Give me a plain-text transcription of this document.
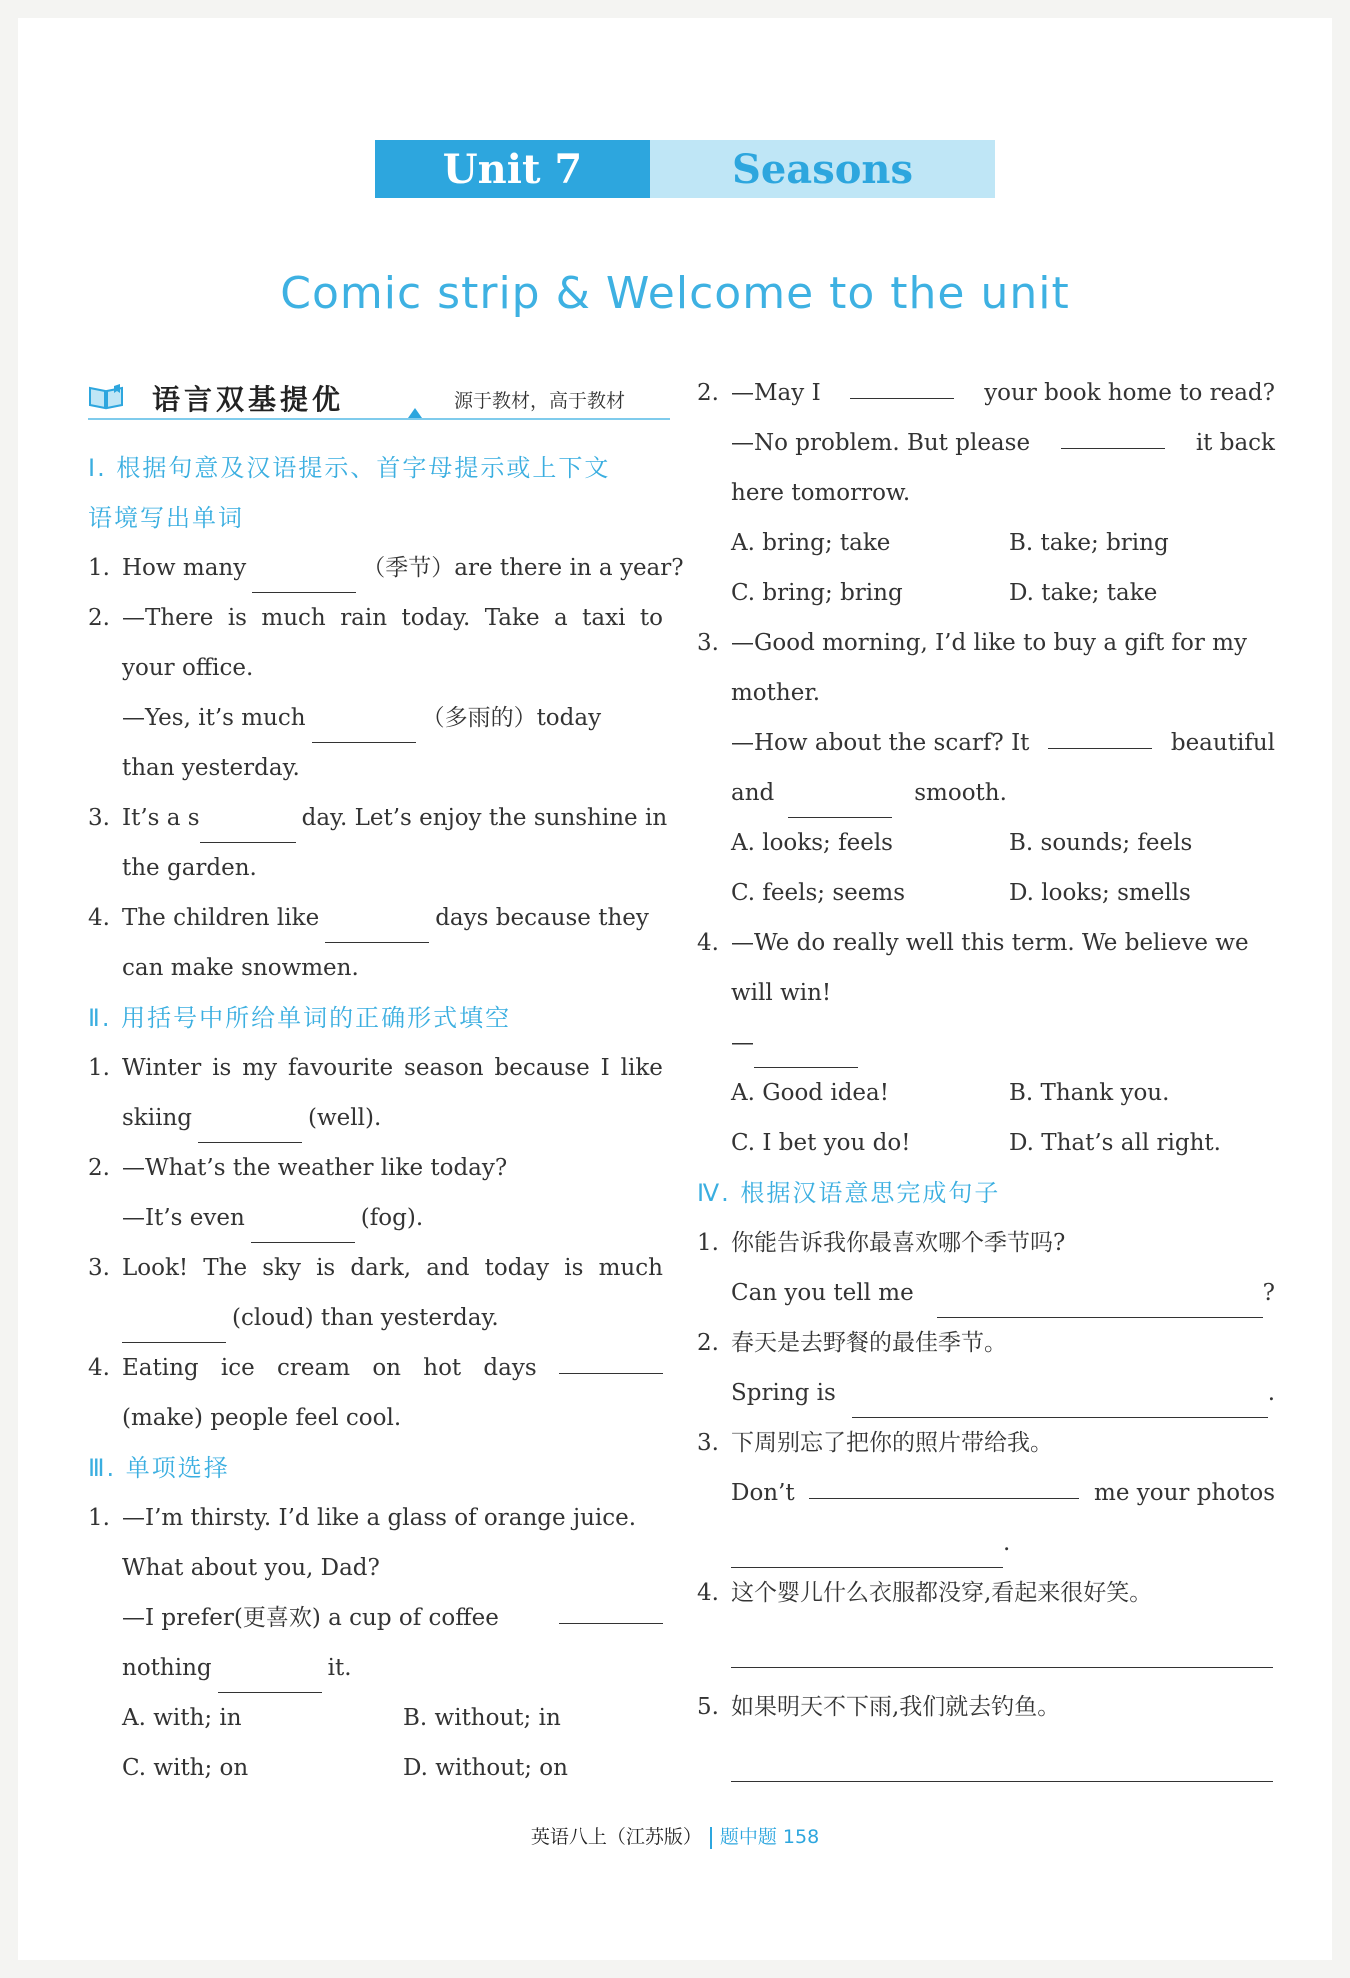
Unit 7	Seasons
Comic strip & Welcome to the unit
语言双基提优	源于教材，高于教材
Ⅰ. 根据句意及汉语提示、首字母提示或上下文
语境写出单词
1. How many	（季节）are there in a year?
2. —There is much rain today. Take a taxi to
your office.
—Yes, it’s much	（多雨的）today
than yesterday.
3. It’s a s	day. Let’s enjoy the sunshine in
the garden.
4. The children like	days because they
can make snowmen.
Ⅱ. 用括号中所给单词的正确形式填空
1. Winter is my favourite season because I like
skiing	(well).
2. —What’s the weather like today?
—It’s even	(fog).
3. Look! The sky is dark, and today is much
(cloud) than yesterday.
4. Eating ice cream on hot days
(make) people feel cool.
Ⅲ. 单项选择
1. —I’m thirsty. I’d like a glass of orange juice.
What about you, Dad?
—I prefer(更喜欢) a cup of coffee
nothing	it.
A. with; in	B. without; in
C. with; on	D. without; on
2. —May I	your book home to read?
—No problem. But please	it back
here tomorrow.
A. bring; take	B. take; bring
C. bring; bring	D. take; take
3. —Good morning, I’d like to buy a gift for my
mother.
—How about the scarf? It	beautiful
and	smooth.
A. looks; feels	B. sounds; feels
C. feels; seems	D. looks; smells
4. —We do really well this term. We believe we
will win!
—
A. Good idea!	B. Thank you.
C. I bet you do!	D. That’s all right.
Ⅳ. 根据汉语意思完成句子
1. 你能告诉我你最喜欢哪个季节吗?
Can you tell me	?
2. 春天是去野餐的最佳季节。
Spring is	.
3. 下周别忘了把你的照片带给我。
Don’t	me your photos
.
4. 这个婴儿什么衣服都没穿,看起来很好笑。
5. 如果明天不下雨,我们就去钓鱼。
英语八上（江苏版） 题中题 158
